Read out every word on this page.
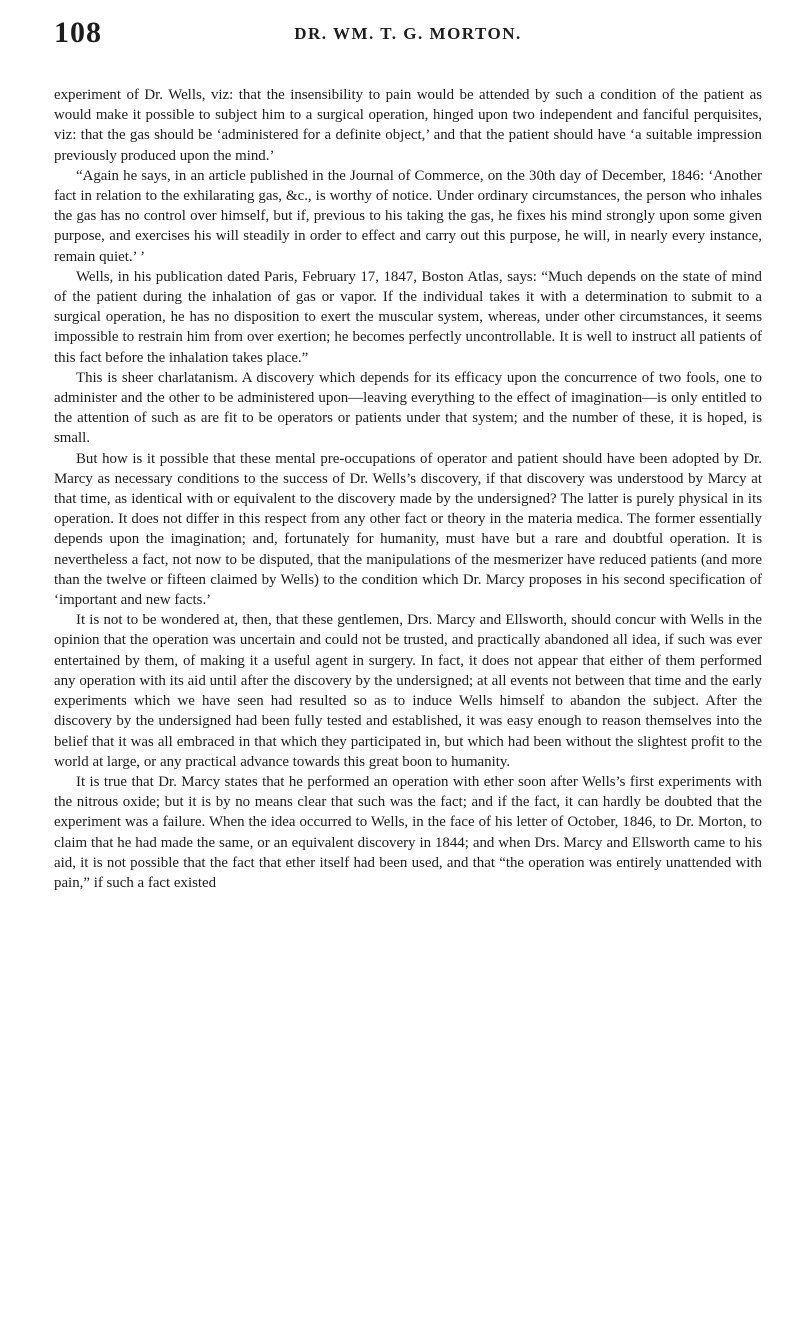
108	DR. WM. T. G. MORTON.

experiment of Dr. Wells, viz: that the insensibility to pain would be attended by such a condition of the patient as would make it possible to subject him to a surgical operation, hinged upon two independent and fanciful perquisites, viz: that the gas should be ‘administered for a definite object,’ and that the patient should have ‘a suitable impression previously produced upon the mind.’

“Again he says, in an article published in the Journal of Commerce, on the 30th day of December, 1846: ‘Another fact in relation to the exhilarating gas, &c., is worthy of notice. Under ordinary circumstances, the person who inhales the gas has no control over himself, but if, previous to his taking the gas, he fixes his mind strongly upon some given purpose, and exercises his will steadily in order to effect and carry out this purpose, he will, in nearly every instance, remain quiet.’ ’

Wells, in his publication dated Paris, February 17, 1847, Boston Atlas, says: “Much depends on the state of mind of the patient during the inhalation of gas or vapor. If the individual takes it with a determination to submit to a surgical operation, he has no disposition to exert the muscular system, whereas, under other circumstances, it seems impossible to restrain him from over exertion; he becomes perfectly uncontrollable. It is well to instruct all patients of this fact before the inhalation takes place.”

This is sheer charlatanism. A discovery which depends for its efficacy upon the concurrence of two fools, one to administer and the other to be administered upon—leaving everything to the effect of imagination—is only entitled to the attention of such as are fit to be operators or patients under that system; and the number of these, it is hoped, is small.

But how is it possible that these mental pre-occupations of operator and patient should have been adopted by Dr. Marcy as necessary conditions to the success of Dr. Wells’s discovery, if that discovery was understood by Marcy at that time, as identical with or equivalent to the discovery made by the undersigned? The latter is purely physical in its operation. It does not differ in this respect from any other fact or theory in the materia medica. The former essentially depends upon the imagination; and, fortunately for humanity, must have but a rare and doubtful operation. It is nevertheless a fact, not now to be disputed, that the manipulations of the mesmerizer have reduced patients (and more than the twelve or fifteen claimed by Wells) to the condition which Dr. Marcy proposes in his second specification of ‘important and new facts.’

It is not to be wondered at, then, that these gentlemen, Drs. Marcy and Ellsworth, should concur with Wells in the opinion that the operation was uncertain and could not be trusted, and practically abandoned all idea, if such was ever entertained by them, of making it a useful agent in surgery. In fact, it does not appear that either of them performed any operation with its aid until after the discovery by the undersigned; at all events not between that time and the early experiments which we have seen had resulted so as to induce Wells himself to abandon the subject. After the discovery by the undersigned had been fully tested and established, it was easy enough to reason themselves into the belief that it was all embraced in that which they participated in, but which had been without the slightest profit to the world at large, or any practical advance towards this great boon to humanity.

It is true that Dr. Marcy states that he performed an operation with ether soon after Wells’s first experiments with the nitrous oxide; but it is by no means clear that such was the fact; and if the fact, it can hardly be doubted that the experiment was a failure. When the idea occurred to Wells, in the face of his letter of October, 1846, to Dr. Morton, to claim that he had made the same, or an equivalent discovery in 1844; and when Drs. Marcy and Ellsworth came to his aid, it is not possible that the fact that ether itself had been used, and that “the operation was entirely unattended with pain,” if such a fact existed
